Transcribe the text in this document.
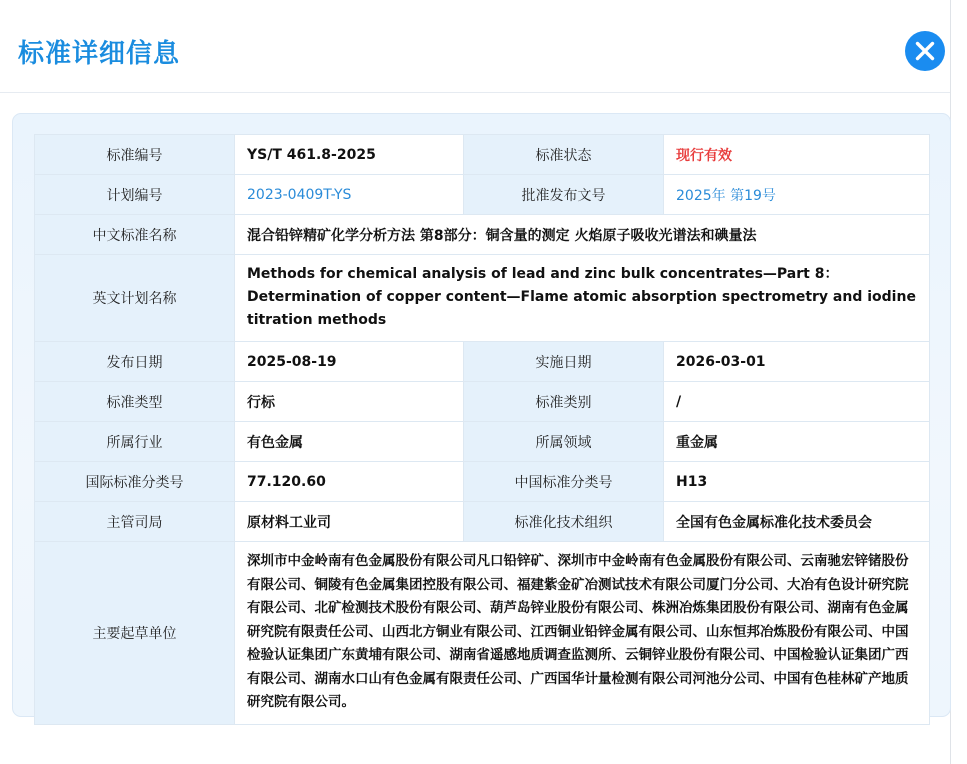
标准详细信息
标准编号	YS/T 461.8-2025	标准状态	现行有效
计划编号	2023-0409T-YS	批准发布文号	2025年 第19号
中文标准名称	混合铅锌精矿化学分析方法 第8部分：铜含量的测定 火焰原子吸收光谱法和碘量法		
英文计划名称	Methods for chemical analysis of lead and zinc bulk concentrates—Part 8：Determination of copper content—Flame atomic absorption spectrometry and iodine titration methods		
发布日期	2025-08-19	实施日期	2026-03-01
标准类型	行标	标准类别	/
所属行业	有色金属	所属领域	重金属
国际标准分类号	77.120.60	中国标准分类号	H13
主管司局	原材料工业司	标准化技术组织	全国有色金属标准化技术委员会
主要起草单位	深圳市中金岭南有色金属股份有限公司凡口铅锌矿、深圳市中金岭南有色金属股份有限公司、云南驰宏锌锗股份有限公司、铜陵有色金属集团控股有限公司、福建紫金矿冶测试技术有限公司厦门分公司、大冶有色设计研究院有限公司、北矿检测技术股份有限公司、葫芦岛锌业股份有限公司、株洲冶炼集团股份有限公司、湖南有色金属研究院有限责任公司、山西北方铜业有限公司、江西铜业铅锌金属有限公司、山东恒邦冶炼股份有限公司、中国检验认证集团广东黄埔有限公司、湖南省遥感地质调查监测所、云铜锌业股份有限公司、中国检验认证集团广西有限公司、湖南水口山有色金属有限责任公司、广西国华计量检测有限公司河池分公司、中国有色桂林矿产地质研究院有限公司。		
